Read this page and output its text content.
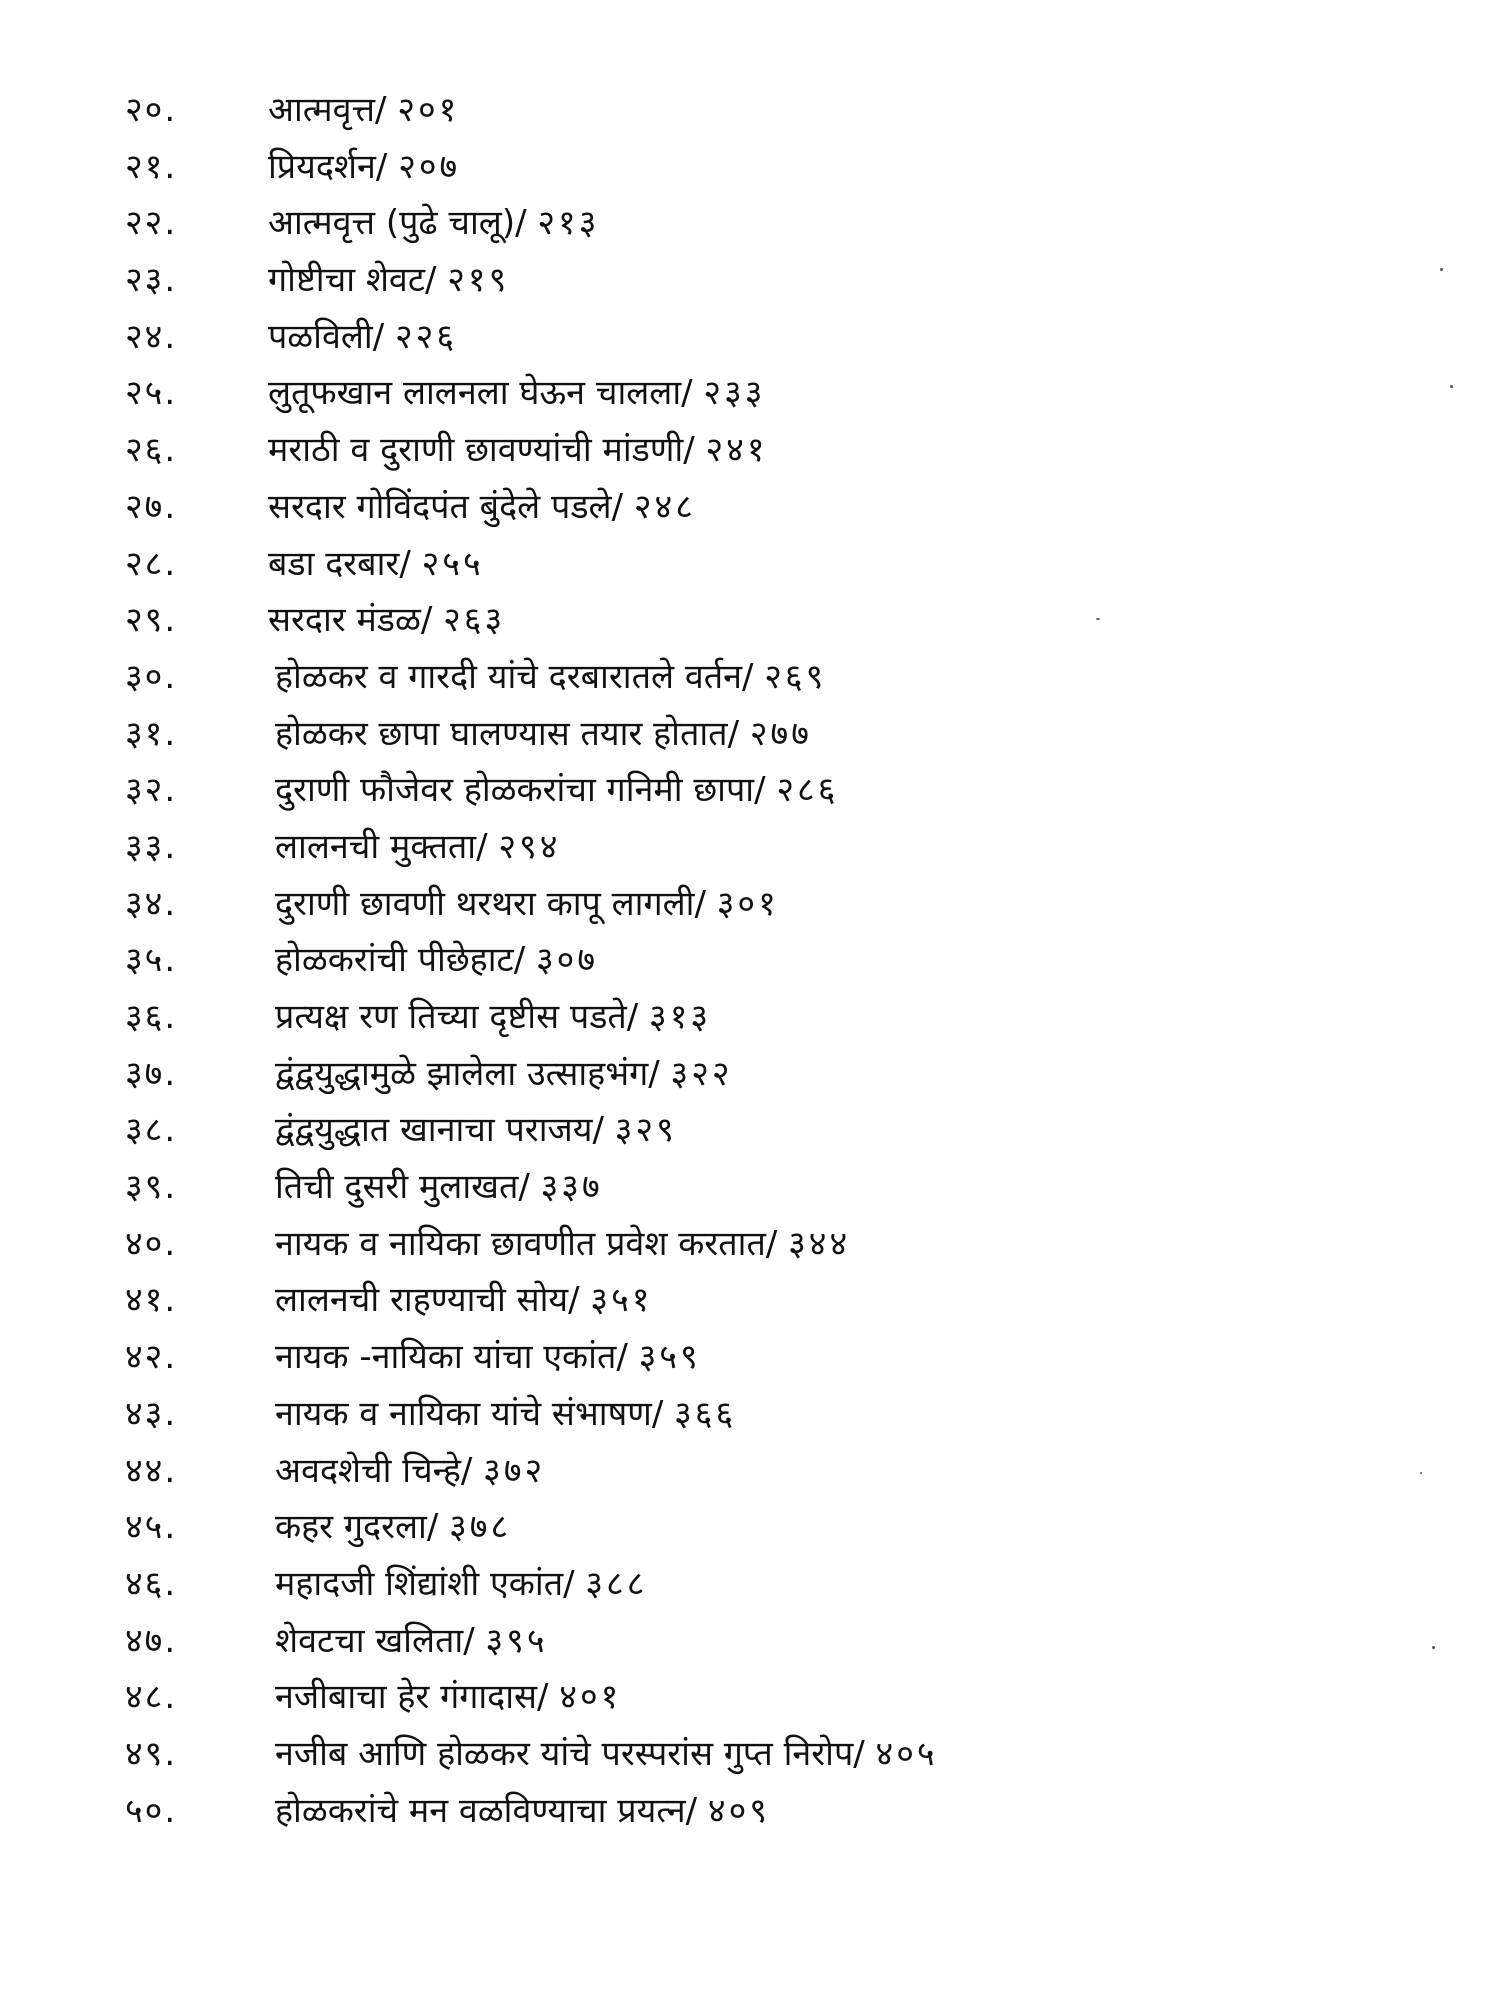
२०.	आत्मवृत्त/ २०१
२१.	प्रियदर्शन/ २०७
२२.	आत्मवृत्त (पुढे चालू)/ २१३
२३.	गोष्टीचा शेवट/ २१९
२४.	पळविली/ २२६
२५.	लुतूफखान लालनला घेऊन चालला/ २३३
२६.	मराठी व दुराणी छावण्यांची मांडणी/ २४१
२७.	सरदार गोविंदपंत बुंदेले पडले/ २४८
२८.	बडा दरबार/ २५५
२९.	सरदार मंडळ/ २६३
३०.	होळकर व गारदी यांचे दरबारातले वर्तन/ २६९
३१.	होळकर छापा घालण्यास तयार होतात/ २७७
३२.	दुराणी फौजेवर होळकरांचा गनिमी छापा/ २८६
३३.	लालनची मुक्तता/ २९४
३४.	दुराणी छावणी थरथरा कापू लागली/ ३०१
३५.	होळकरांची पीछेहाट/ ३०७
३६.	प्रत्यक्ष रण तिच्या दृष्टीस पडते/ ३१३
३७.	द्वंद्वयुद्धामुळे झालेला उत्साहभंग/ ३२२
३८.	द्वंद्वयुद्धात खानाचा पराजय/ ३२९
३९.	तिची दुसरी मुलाखत/ ३३७
४०.	नायक व नायिका छावणीत प्रवेश करतात/ ३४४
४१.	लालनची राहण्याची सोय/ ३५१
४२.	नायक -नायिका यांचा एकांत/ ३५९
४३.	नायक व नायिका यांचे संभाषण/ ३६६
४४.	अवदशेची चिन्हे/ ३७२
४५.	कहर गुदरला/ ३७८
४६.	महादजी शिंद्यांशी एकांत/ ३८८
४७.	शेवटचा खलिता/ ३९५
४८.	नजीबाचा हेर गंगादास/ ४०१
४९.	नजीब आणि होळकर यांचे परस्परांस गुप्त निरोप/ ४०५
५०.	होळकरांचे मन वळविण्याचा प्रयत्न/ ४०९
